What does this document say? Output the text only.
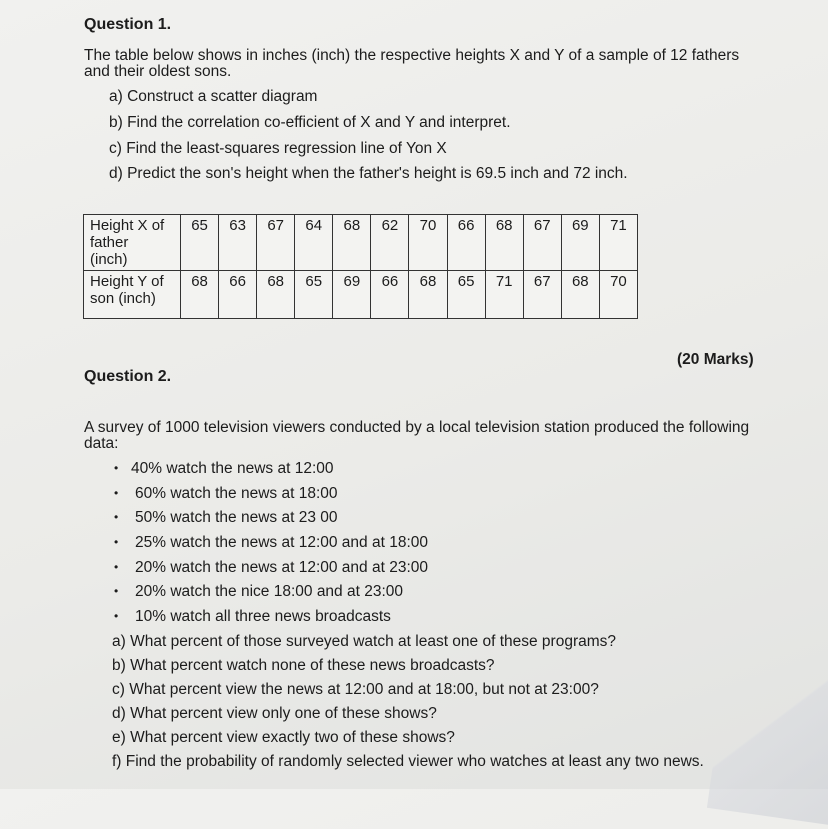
Question 1.
The table below shows in inches (inch) the respective heights X and Y of a sample of 12 fathers
and their oldest sons.
a) Construct a scatter diagram
b) Find the correlation co-efficient of X and Y and interpret.
c) Find the least-squares regression line of Yon X
d) Predict the son's height when the father's height is 69.5 inch and 72 inch.
Height X of
father
(inch)	65	63	67	64	68	62	70	66	68	67	69	71

Height Y of
son (inch)	68	66	68	65	69	66	68	65	71	67	68	70
(20 Marks)
Question 2.
A survey of 1000 television viewers conducted by a local television station produced the following
data:
• 40% watch the news at 12:00
• 60% watch the news at 18:00
• 50% watch the news at 23 00
• 25% watch the news at 12:00 and at 18:00
• 20% watch the news at 12:00 and at 23:00
• 20% watch the nice 18:00 and at 23:00
• 10% watch all three news broadcasts
a) What percent of those surveyed watch at least one of these programs?
b) What percent watch none of these news broadcasts?
c) What percent view the news at 12:00 and at 18:00, but not at 23:00?
d) What percent view only one of these shows?
e) What percent view exactly two of these shows?
f) Find the probability of randomly selected viewer who watches at least any two news.
